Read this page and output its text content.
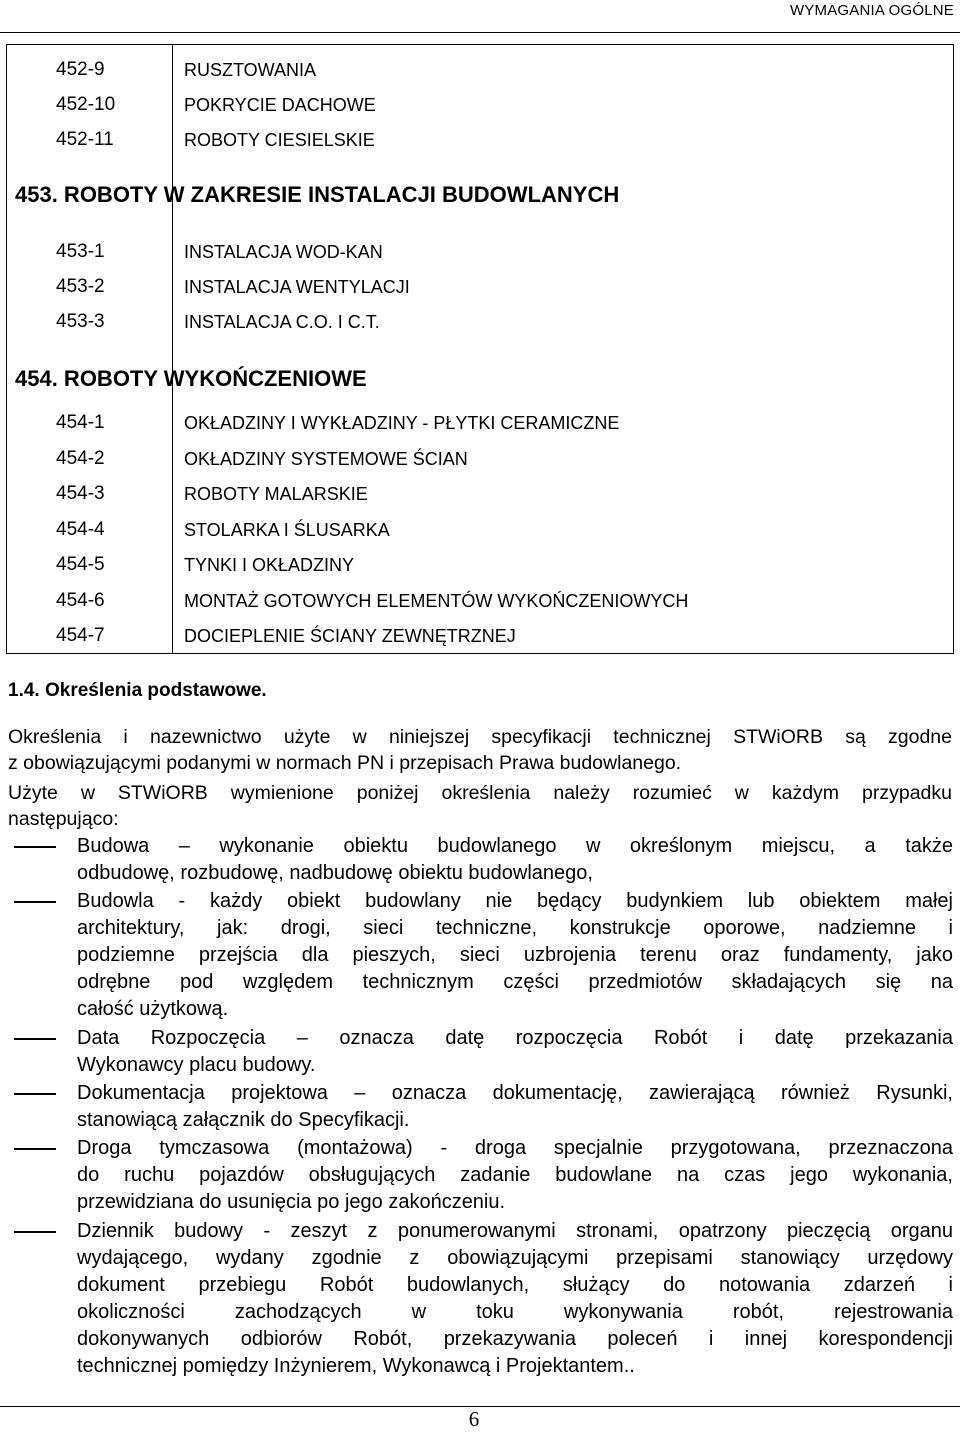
WYMAGANIA OGÓLNE
452-9	RUSZTOWANIA
452-10	POKRYCIE DACHOWE
452-11	ROBOTY CIESIELSKIE
453. ROBOTY W ZAKRESIE INSTALACJI BUDOWLANYCH
453-1	INSTALACJA WOD-KAN
453-2	INSTALACJA WENTYLACJI
453-3	INSTALACJA C.O. I C.T.
454. ROBOTY WYKOŃCZENIOWE
454-1	OKŁADZINY I WYKŁADZINY - PŁYTKI CERAMICZNE
454-2	OKŁADZINY SYSTEMOWE ŚCIAN
454-3	ROBOTY MALARSKIE
454-4	STOLARKA I ŚLUSARKA
454-5	TYNKI I OKŁADZINY
454-6	MONTAŻ GOTOWYCH ELEMENTÓW WYKOŃCZENIOWYCH
454-7	DOCIEPLENIE ŚCIANY ZEWNĘTRZNEJ
1.4. Określenia podstawowe.
Określenia i nazewnictwo użyte w niniejszej specyfikacji technicznej STWiORB są zgodne
z obowiązującymi podanymi w normach PN i przepisach Prawa budowlanego.
Użyte w STWiORB wymienione poniżej określenia należy rozumieć w każdym przypadku
następująco:
Budowa – wykonanie obiektu budowlanego w określonym miejscu, a także
odbudowę, rozbudowę, nadbudowę obiektu budowlanego,
Budowla - każdy obiekt budowlany nie będący budynkiem lub obiektem małej
architektury, jak: drogi, sieci techniczne, konstrukcje oporowe, nadziemne i
podziemne przejścia dla pieszych, sieci uzbrojenia terenu oraz fundamenty, jako
odrębne pod względem technicznym części przedmiotów składających się na
całość użytkową.
Data Rozpoczęcia – oznacza datę rozpoczęcia Robót i datę przekazania
Wykonawcy placu budowy.
Dokumentacja projektowa – oznacza dokumentację, zawierającą również Rysunki,
stanowiącą załącznik do Specyfikacji.
Droga tymczasowa (montażowa) - droga specjalnie przygotowana, przeznaczona
do ruchu pojazdów obsługujących zadanie budowlane na czas jego wykonania,
przewidziana do usunięcia po jego zakończeniu.
Dziennik budowy - zeszyt z ponumerowanymi stronami, opatrzony pieczęcią organu
wydającego, wydany zgodnie z obowiązującymi przepisami stanowiący urzędowy
dokument przebiegu Robót budowlanych, służący do notowania zdarzeń i
okoliczności zachodzących w toku wykonywania robót, rejestrowania
dokonywanych odbiorów Robót, przekazywania poleceń i innej korespondencji
technicznej pomiędzy Inżynierem, Wykonawcą i Projektantem..
6
